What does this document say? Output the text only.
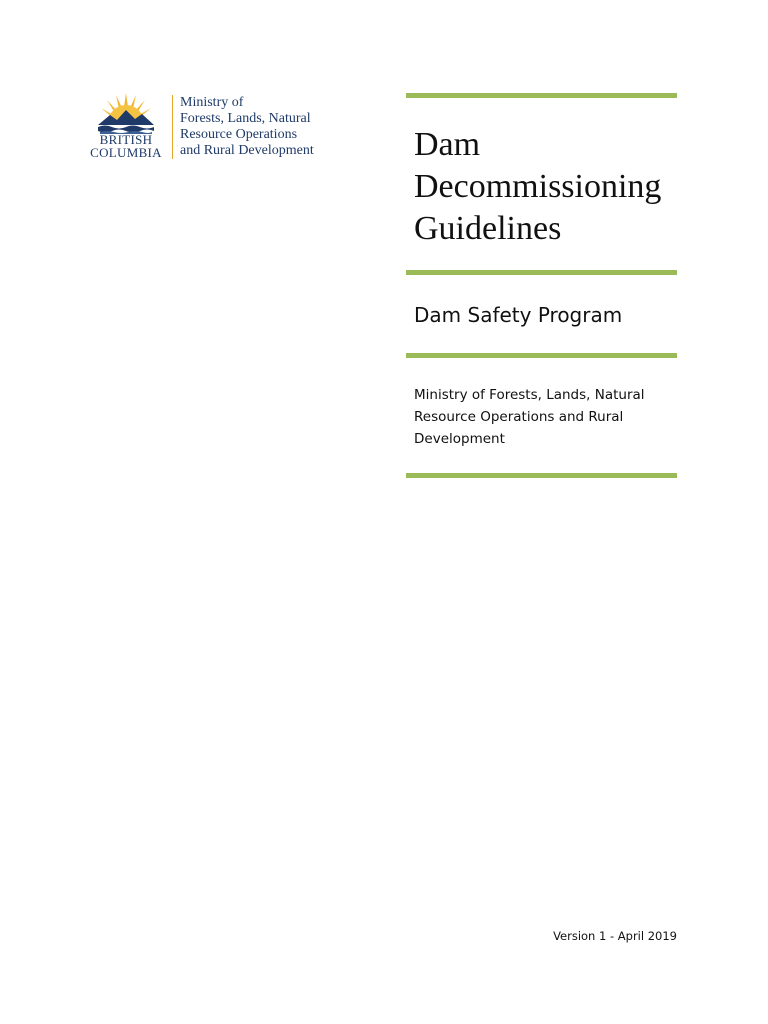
BRITISH
COLUMBIA
Ministry of
Forests, Lands, Natural
Resource Operations
and Rural Development	Dam
Decommissioning
Guidelines
Dam Safety Program
Ministry of Forests, Lands, Natural
Resource Operations and Rural
Development
Version 1 - April 2019
